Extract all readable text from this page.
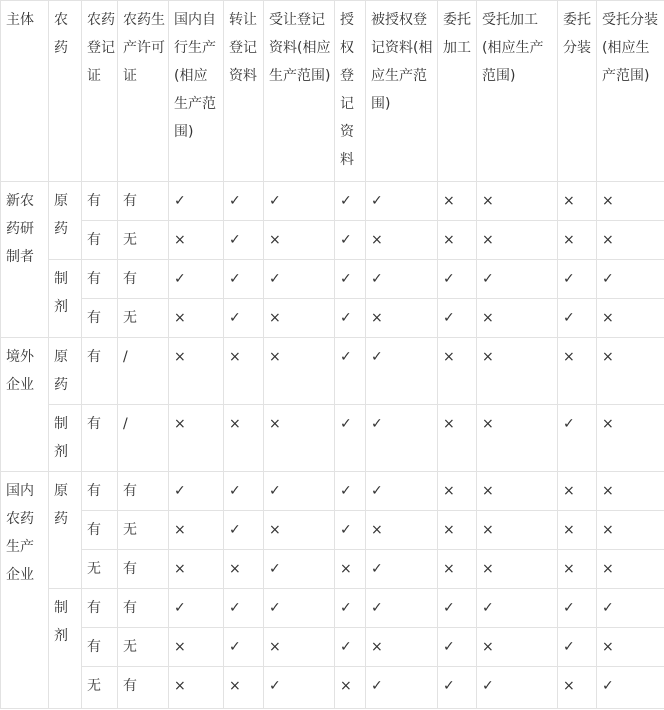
主体	农药	农药登记证	农药生产许可证	国内自行生产(相应生产范围)	转让登记资料	受让登记资料(相应生产范围)	授权登记资料	被授权登记资料(相应生产范围)	委托加工	受托加工(相应生产范围)	委托分装	受托分装(相应生产范围)
新农药研制者	原药	有	有	✓	✓	✓	✓	✓	×	×	×	×
		有	无	×	✓	×	✓	×	×	×	×	×
	制剂	有	有	✓	✓	✓	✓	✓	✓	✓	✓	✓
		有	无	×	✓	×	✓	×	✓	×	✓	×
境外企业	原药	有	/	×	×	×	✓	✓	×	×	×	×
	制剂	有	/	×	×	×	✓	✓	×	×	✓	×
国内农药生产企业	原药	有	有	✓	✓	✓	✓	✓	×	×	×	×
		有	无	×	✓	×	✓	×	×	×	×	×
		无	有	×	×	✓	×	✓	×	×	×	×
	制剂	有	有	✓	✓	✓	✓	✓	✓	✓	✓	✓
		有	无	×	✓	×	✓	×	✓	×	✓	×
		无	有	×	×	✓	×	✓	✓	✓	×	✓
